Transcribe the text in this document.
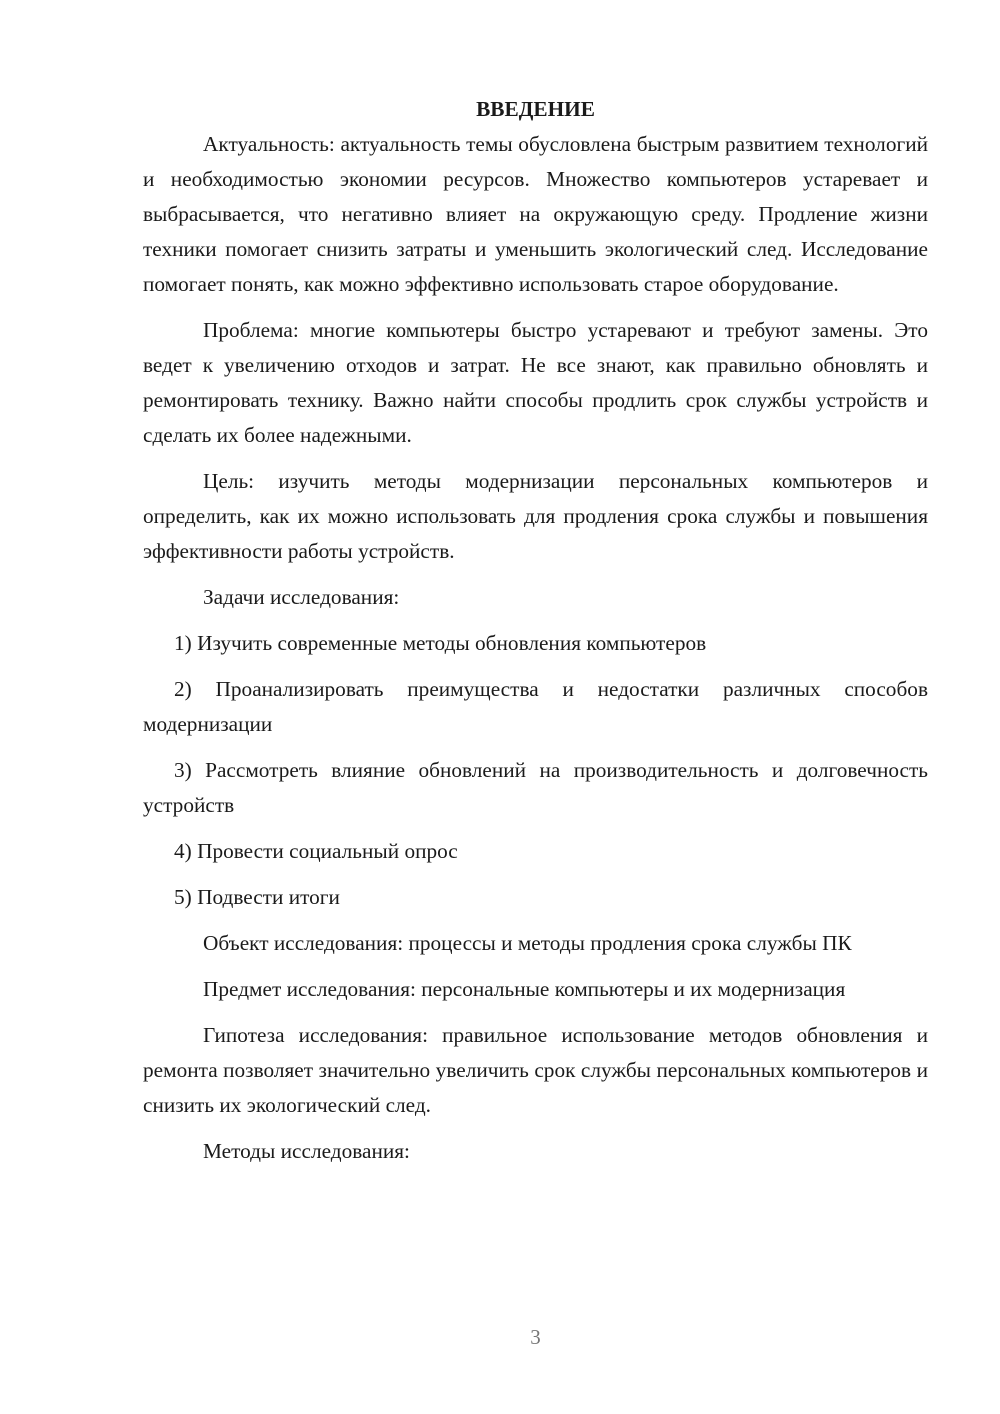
ВВЕДЕНИЕ

Актуальность: актуальность темы обусловлена быстрым развитием технологий и необходимостью экономии ресурсов. Множество компьютеров устаревает и выбрасывается, что негативно влияет на окружающую среду. Продление жизни техники помогает снизить затраты и уменьшить экологический след. Исследование помогает понять, как можно эффективно использовать старое оборудование.

Проблема: многие компьютеры быстро устаревают и требуют замены. Это ведет к увеличению отходов и затрат. Не все знают, как правильно обновлять и ремонтировать технику. Важно найти способы продлить срок службы устройств и сделать их более надежными.

Цель: изучить методы модернизации персональных компьютеров и определить, как их можно использовать для продления срока службы и повышения эффективности работы устройств.

Задачи исследования:

1) Изучить современные методы обновления компьютеров

2) Проанализировать преимущества и недостатки различных способов модернизации

3) Рассмотреть влияние обновлений на производительность и долговечность устройств

4) Провести социальный опрос

5) Подвести итоги

Объект исследования: процессы и методы продления срока службы ПК

Предмет исследования: персональные компьютеры и их модернизация

Гипотеза исследования: правильное использование методов обновления и ремонта позволяет значительно увеличить срок службы персональных компьютеров и снизить их экологический след.

Методы исследования:

3
